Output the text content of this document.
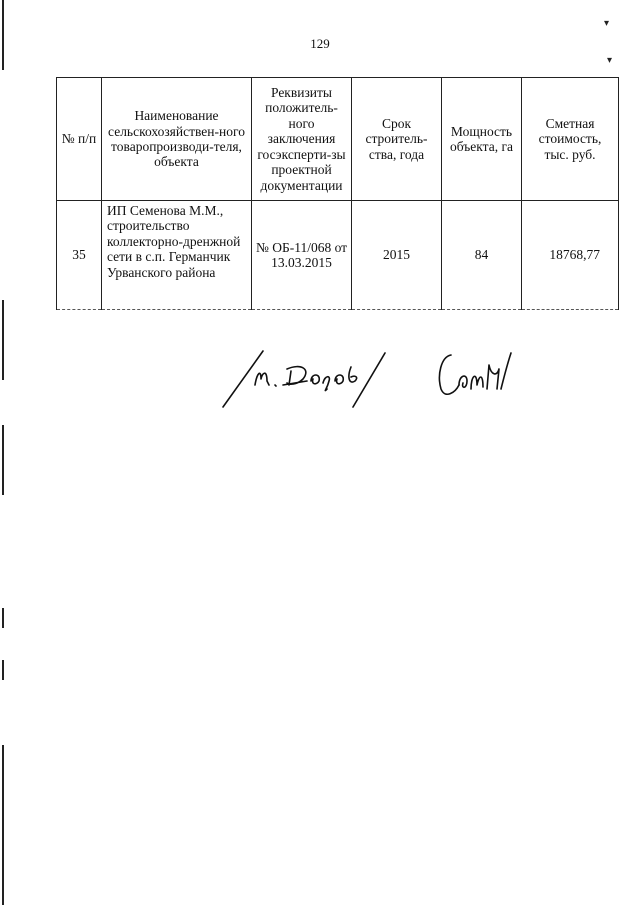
▾
▾
129
№ п/п	Наименование сельскохозяйствен-ного товаропроизводи-теля, объекта	Реквизиты положитель-ного заключения госэксперти-зы проектной документации	Срок строитель-ства, года	Мощность объекта, га	Сметная стоимость, тыс. руб.
35	ИП Семенова М.М., строительство коллекторно-дренжной сети в с.п. Германчик Урванского района	№ ОБ-11/068 от 13.03.2015	2015	84	18768,77
